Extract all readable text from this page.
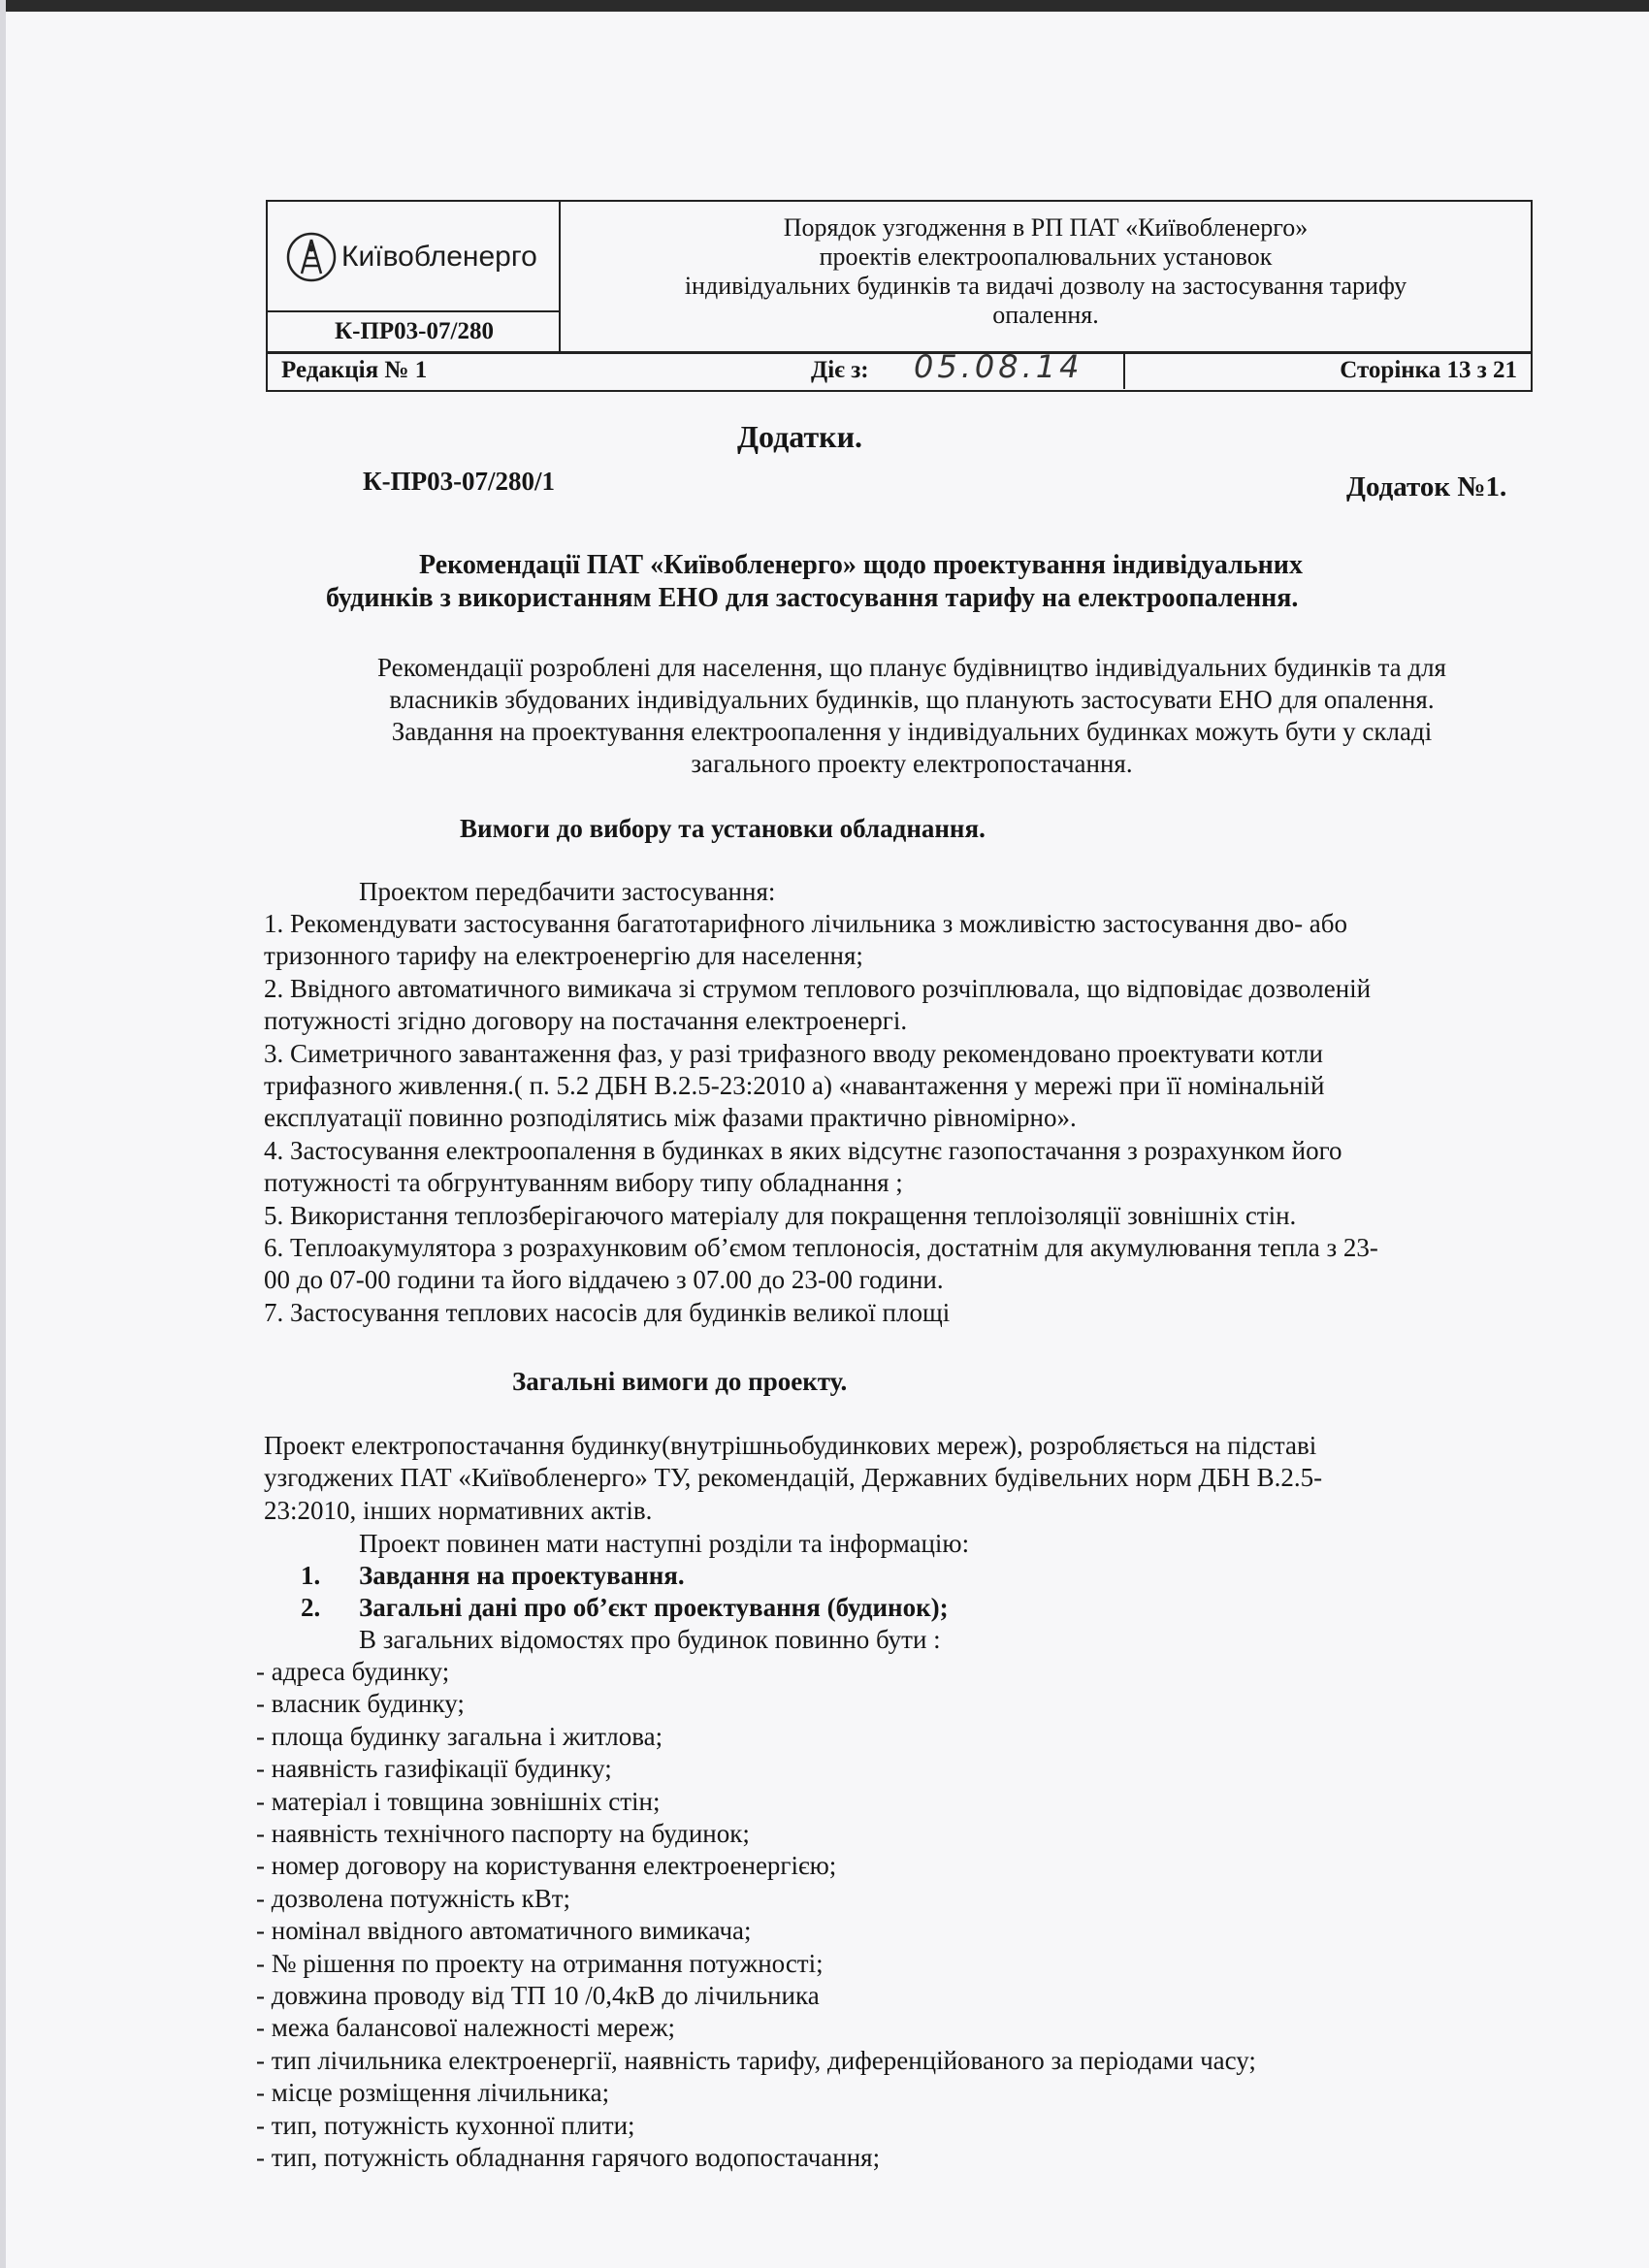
Київобленерго
К-ПР03-07/280
Порядок узгодження в РП ПАТ «Київобленерго»
проектів електроопалювальних установок
індивідуальних будинків та видачі дозволу на застосування тарифу
опалення.
Редакція № 1	Діє з: 05.08.14	Сторінка 13 з 21
Додатки.
К-ПР03-07/280/1	Додаток №1.
Рекомендації ПАТ «Київобленерго» щодо проектування індивідуальних
будинків з використанням ЕНО для застосування тарифу на електроопалення.
Рекомендації розроблені для населення, що планує будівництво індивідуальних будинків та для
власників збудованих індивідуальних будинків, що планують застосувати ЕНО для опалення.
Завдання на проектування електроопалення у індивідуальних будинках можуть бути у складі
загального проекту електропостачання.
Вимоги до вибору та установки обладнання.
Проектом передбачити застосування:
1. Рекомендувати застосування багатотарифного лічильника з можливістю застосування дво- або
тризонного тарифу на електроенергію для населення;
2. Ввідного автоматичного вимикача зі струмом теплового розчіплювала, що відповідає дозволеній
потужності згідно договору на постачання електроенергі.
3. Симетричного завантаження фаз, у разі трифазного вводу рекомендовано проектувати котли
трифазного живлення.( п. 5.2 ДБН В.2.5-23:2010 а) «навантаження у мережі при її номінальній
експлуатації повинно розподілятись між фазами практично рівномірно».
4. Застосування електроопалення в будинках в яких відсутнє газопостачання з розрахунком його
потужності та обгрунтуванням вибору типу обладнання ;
5. Використання теплозберігаючого матеріалу для покращення теплоізоляції зовнішніх стін.
6. Теплоакумулятора з розрахунковим об’ємом теплоносія, достатнім для акумулювання тепла з 23-
00 до 07-00 години та його віддачею з 07.00 до 23-00 години.
7. Застосування теплових насосів для будинків великої площі
Загальні вимоги до проекту.
Проект електропостачання будинку(внутрішньобудинкових мереж), розробляється на підставі
узгоджених ПАТ «Київобленерго» ТУ, рекомендацій, Державних будівельних норм ДБН В.2.5-
23:2010, інших нормативних актів.
Проект повинен мати наступні розділи та інформацію:
1. Завдання на проектування.
2. Загальні дані про об’єкт проектування (будинок);
В загальних відомостях про будинок повинно бути :
- адреса будинку;
- власник будинку;
- площа будинку загальна і житлова;
- наявність газифікації будинку;
- матеріал і товщина зовнішніх стін;
- наявність технічного паспорту на будинок;
- номер договору на користування електроенергією;
- дозволена потужність кВт;
- номінал ввідного автоматичного вимикача;
- № рішення по проекту на отримання потужності;
- довжина проводу від ТП 10 /0,4кВ до лічильника
- межа балансової належності мереж;
- тип лічильника електроенергії, наявність тарифу, диференційованого за періодами часу;
- місце розміщення лічильника;
- тип, потужність кухонної плити;
- тип, потужність обладнання гарячого водопостачання;
